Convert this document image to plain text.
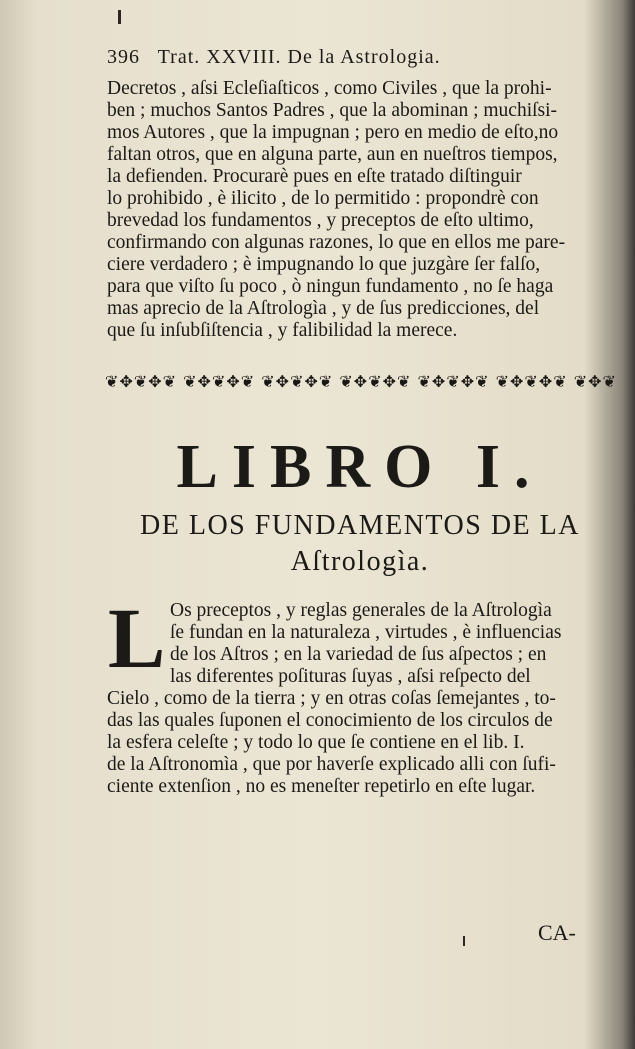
396 Trat. XXVIII. De la Astrologia.
Decretos , aſsi Ecleſiaſticos , como Civiles , que la prohi-
ben ; muchos Santos Padres , que la abominan ; muchiſsi-
mos Autores , que la impugnan ; pero en medio de eſto,no
faltan otros, que en alguna parte, aun en nueſtros tiempos,
la defienden. Procurarè pues en eſte tratado diſtinguir
lo prohibido , è ilicito , de lo permitido : propondrè con
brevedad los fundamentos , y preceptos de eſto ultimo,
confirmando con algunas razones, lo que en ellos me pare-
ciere verdadero ; è impugnando lo que juzgàre ſer falſo,
para que viſto ſu poco , ò ningun fundamento , no ſe haga
mas aprecio de la Aſtrologìa , y de ſus predicciones, del
que ſu inſubſiſtencia , y falibilidad la merece.
❦✥❦✥❦ ❦✥❦✥❦ ❦✥❦✥❦ ❦✥❦✥❦ ❦✥❦✥❦ ❦✥❦✥❦ ❦✥❦
LIBRO I.
DE LOS FUNDAMENTOS DE LA
Aſtrologìa.
L Os preceptos , y reglas generales de la Aſtrologìa
ſe fundan en la naturaleza , virtudes , è influencias
de los Aſtros ; en la variedad de ſus aſpectos ; en
las diferentes poſituras ſuyas , aſsi reſpecto del
Cielo , como de la tierra ; y en otras coſas ſemejantes , to-
das las quales ſuponen el conocimiento de los circulos de
la esfera celeſte ; y todo lo que ſe contiene en el lib. I.
de la Aſtronomìa , que por haverſe explicado alli con ſufi-
ciente extenſion , no es meneſter repetirlo en eſte lugar.
CA-
